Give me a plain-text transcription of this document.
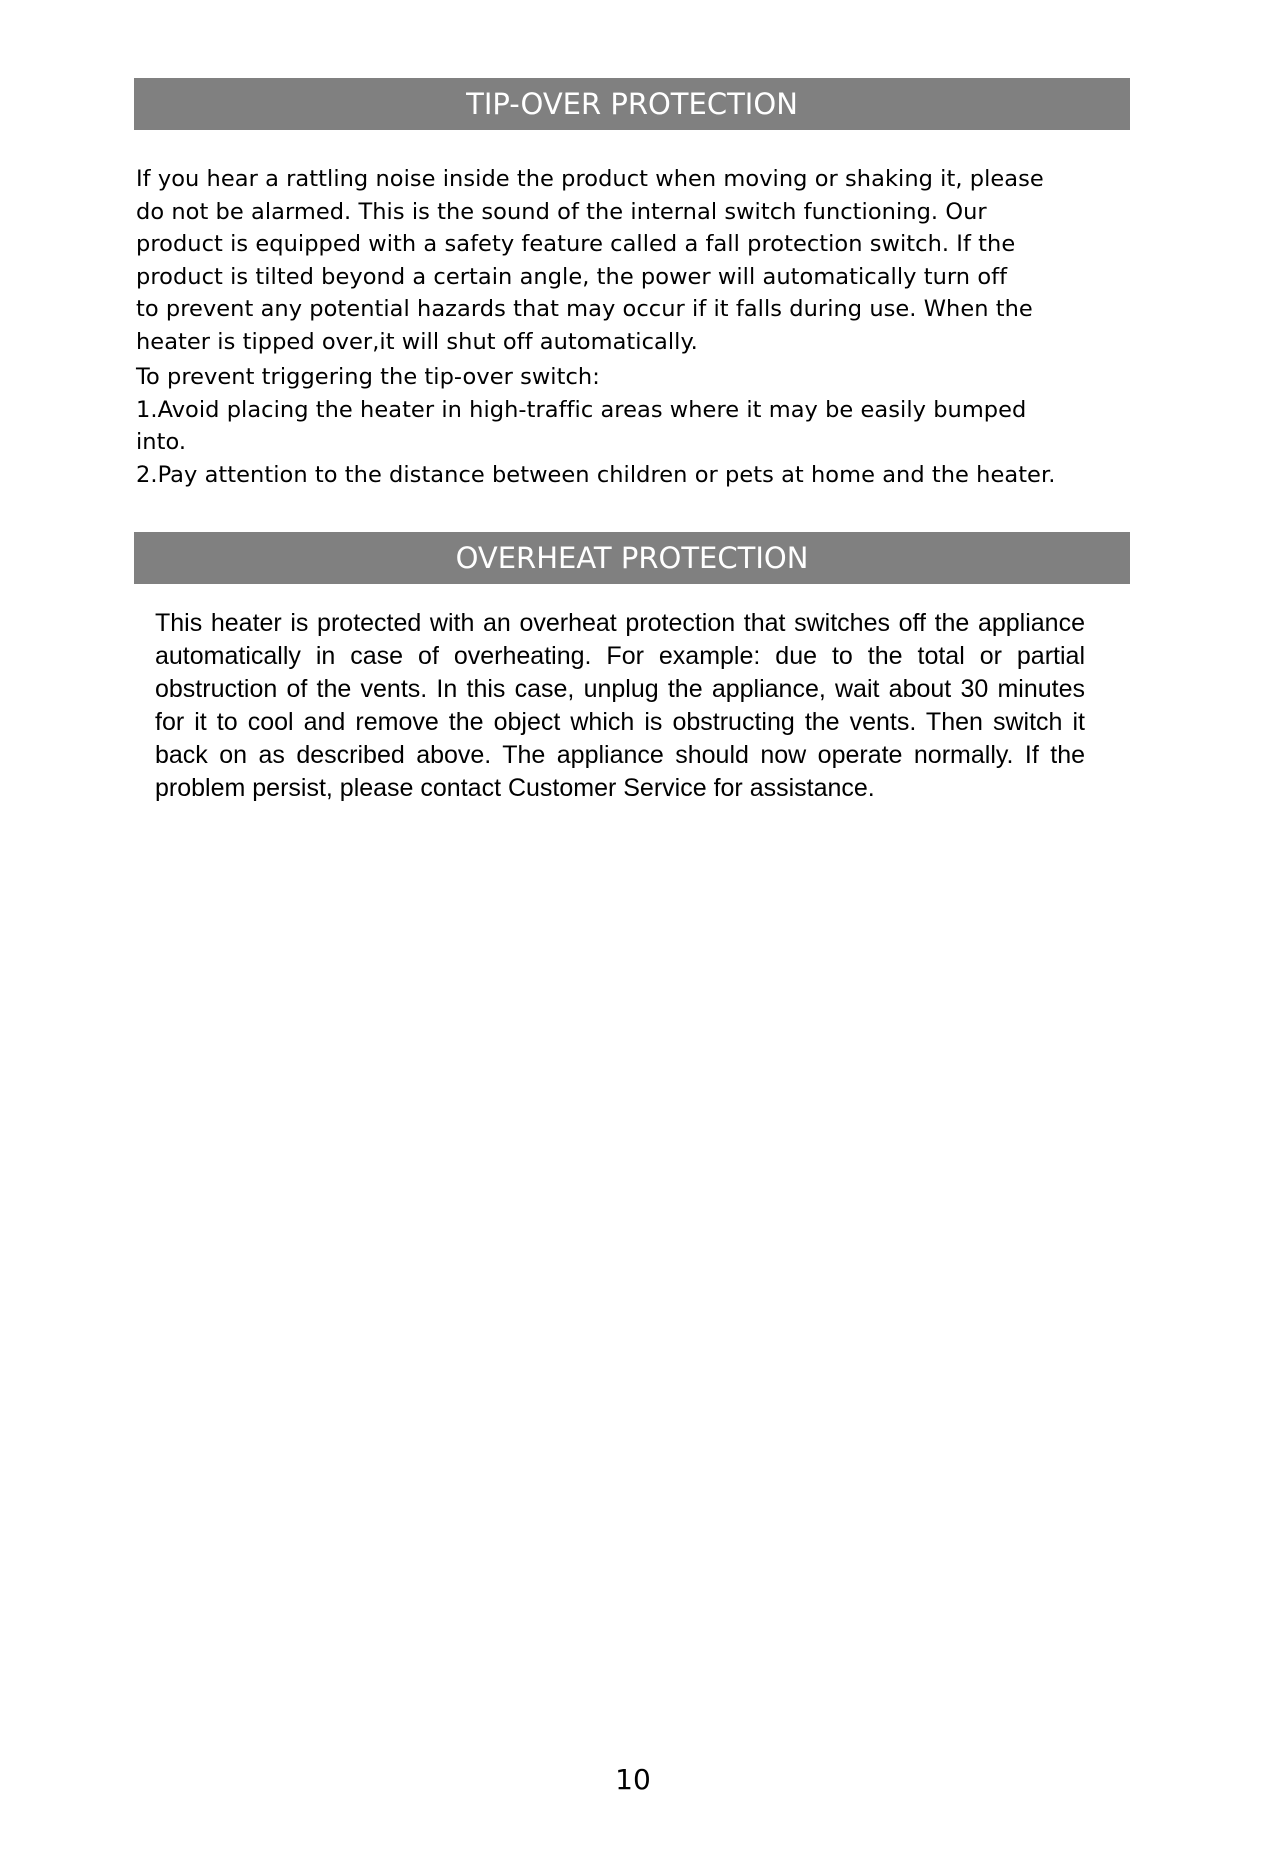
TIP-OVER PROTECTION

If you hear a rattling noise inside the product when moving or shaking it, please

do not be alarmed. This is the sound of the internal switch functioning. Our

product is equipped with a safety feature called a fall protection switch. If the

product is tilted beyond a certain angle, the power will automatically turn off

to prevent any potential hazards that may occur if it falls during use. When the

heater is tipped over,it will shut off automatically.

To prevent triggering the tip-over switch:

1.Avoid placing the heater in high-traffic areas where it may be easily bumped

into.

2.Pay attention to the distance between children or pets at home and the heater.

OVERHEAT PROTECTION

This heater is protected with an overheat protection that switches off the appliance automatically in case of overheating. For example: due to the total or partial obstruction of the vents. In this case, unplug the appliance, wait about 30 minutes for it to cool and remove the object which is obstructing the vents. Then switch it back on as described above. The appliance should now operate normally. If the problem persist, please contact Customer Service for assistance.

10
